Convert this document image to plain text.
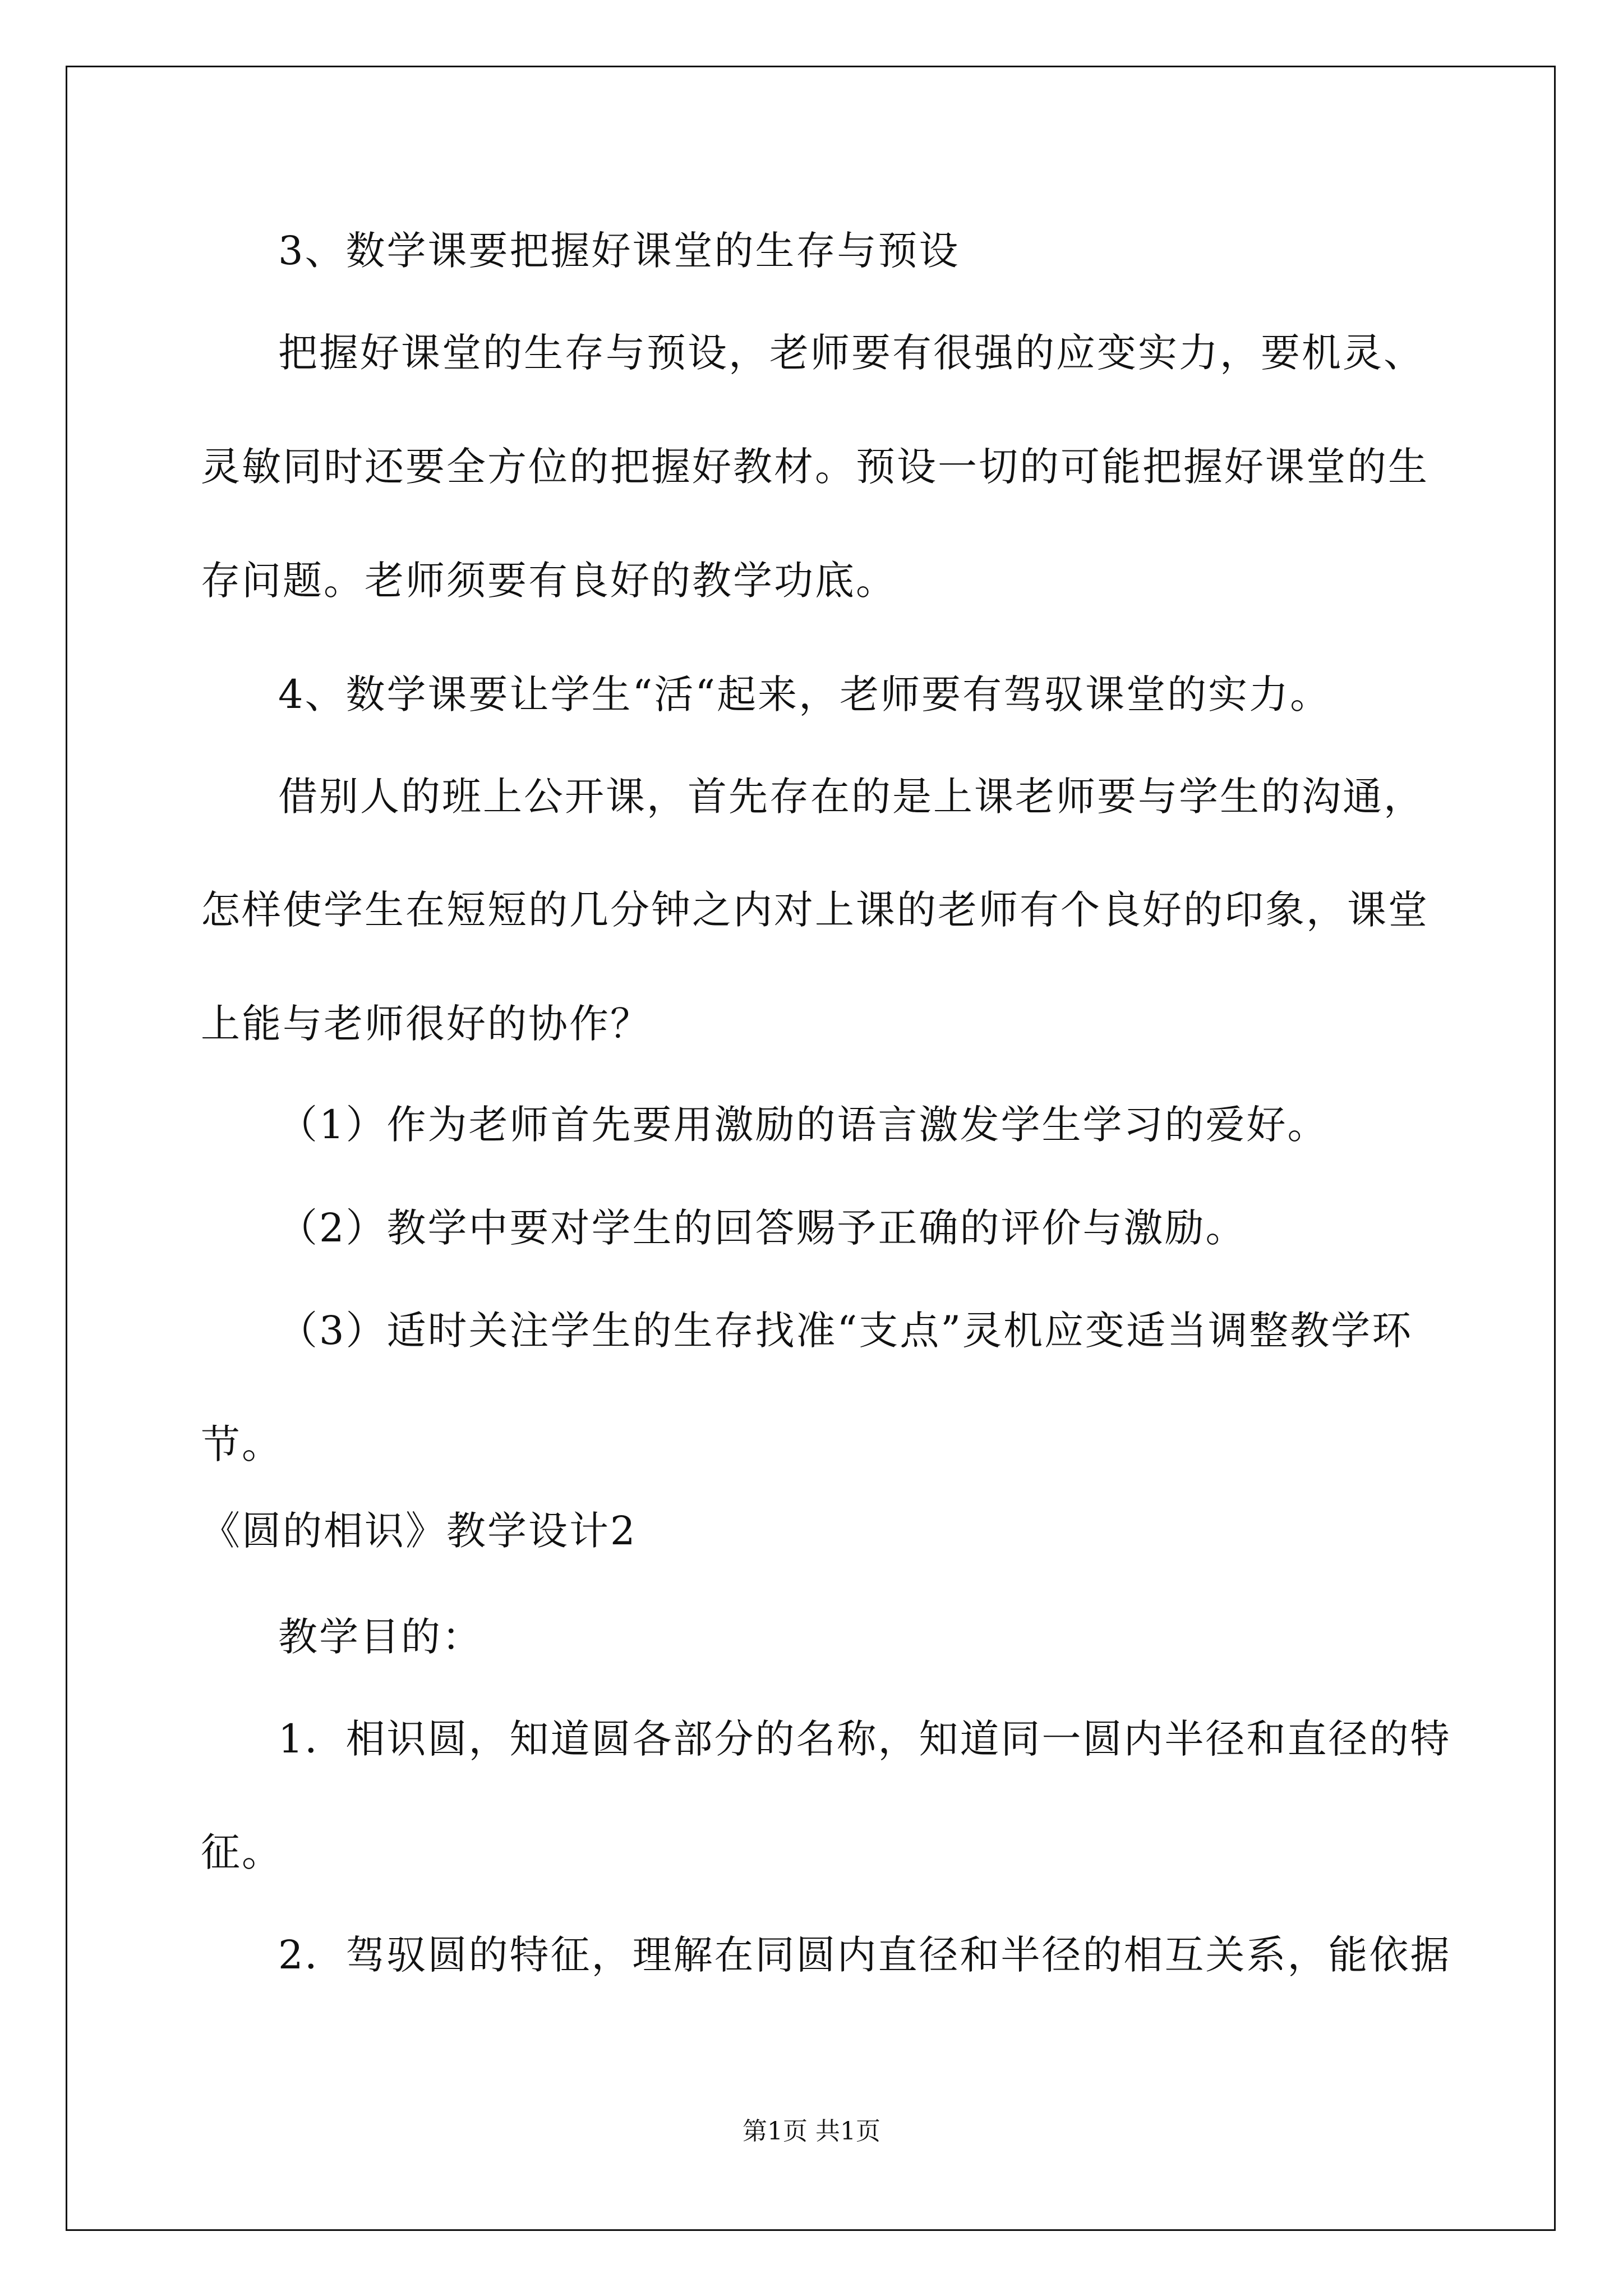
3、数学课要把握好课堂的生存与预设
把握好课堂的生存与预设，老师要有很强的应变实力，要机灵、
灵敏同时还要全方位的把握好教材。预设一切的可能把握好课堂的生
存问题。老师须要有良好的教学功底。
4、数学课要让学生“活“起来，老师要有驾驭课堂的实力。
借别人的班上公开课，首先存在的是上课老师要与学生的沟通，
怎样使学生在短短的几分钟之内对上课的老师有个良好的印象，课堂
上能与老师很好的协作？
（1）作为老师首先要用激励的语言激发学生学习的爱好。
（2）教学中要对学生的回答赐予正确的评价与激励。
（3）适时关注学生的生存找准“支点”灵机应变适当调整教学环
节。
《圆的相识》教学设计2
教学目的：
1．相识圆，知道圆各部分的名称，知道同一圆内半径和直径的特
征。
2．驾驭圆的特征，理解在同圆内直径和半径的相互关系，能依据
第1页 共1页
